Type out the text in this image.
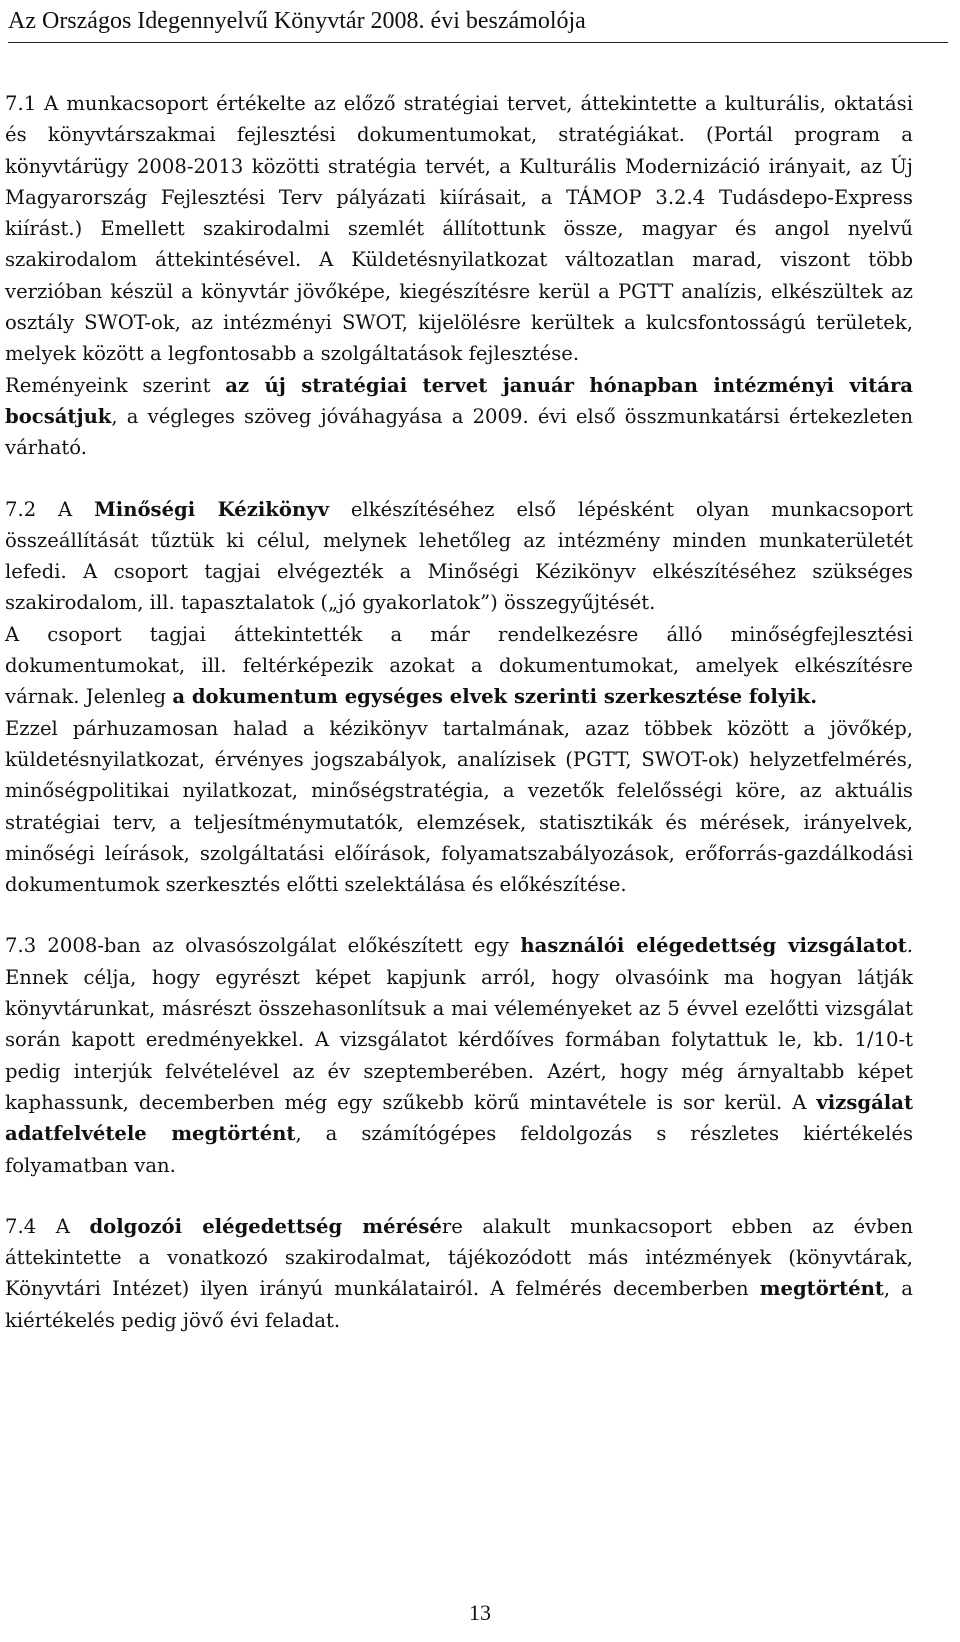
Az Országos Idegennyelvű Könyvtár 2008. évi beszámolója

7.1 A munkacsoport értékelte az előző stratégiai tervet, áttekintette a kulturális, oktatási és könyvtárszakmai fejlesztési dokumentumokat, stratégiákat. (Portál program a könyvtárügy 2008-2013 közötti stratégia tervét, a Kulturális Modernizáció irányait, az Új Magyarország Fejlesztési Terv pályázati kiírásait, a TÁMOP 3.2.4 Tudásdepo-Express kiírást.) Emellett szakirodalmi szemlét állítottunk össze, magyar és angol nyelvű szakirodalom áttekintésével. A Küldetésnyilatkozat változatlan marad, viszont több verzióban készül a könyvtár jövőképe, kiegészítésre kerül a PGTT analízis, elkészültek az osztály SWOT-ok, az intézményi SWOT, kijelölésre kerültek a kulcsfontosságú területek, melyek között a legfontosabb a szolgáltatások fejlesztése.

Reményeink szerint az új stratégiai tervet január hónapban intézményi vitára bocsátjuk, a végleges szöveg jóváhagyása a 2009. évi első összmunkatársi értekezleten várható.

7.2 A Minőségi Kézikönyv elkészítéséhez első lépésként olyan munkacsoport összeállítását tűztük ki célul, melynek lehetőleg az intézmény minden munkaterületét lefedi. A csoport tagjai elvégezték a Minőségi Kézikönyv elkészítéséhez szükséges szakirodalom, ill. tapasztalatok („jó gyakorlatok”) összegyűjtését.

A csoport tagjai áttekintették a már rendelkezésre álló minőségfejlesztési dokumentumokat, ill. feltérképezik azokat a dokumentumokat, amelyek elkészítésre várnak. Jelenleg a dokumentum egységes elvek szerinti szerkesztése folyik.

Ezzel párhuzamosan halad a kézikönyv tartalmának, azaz többek között a jövőkép, küldetésnyilatkozat, érvényes jogszabályok, analízisek (PGTT, SWOT-ok) helyzetfelmérés, minőségpolitikai nyilatkozat, minőségstratégia, a vezetők felelősségi köre, az aktuális stratégiai terv, a teljesítménymutatók, elemzések, statisztikák és mérések, irányelvek, minőségi leírások, szolgáltatási előírások, folyamatszabályozások, erőforrás-gazdálkodási dokumentumok szerkesztés előtti szelektálása és előkészítése.

7.3 2008-ban az olvasószolgálat előkészített egy használói elégedettség vizsgálatot. Ennek célja, hogy egyrészt képet kapjunk arról, hogy olvasóink ma hogyan látják könyvtárunkat, másrészt összehasonlítsuk a mai véleményeket az 5 évvel ezelőtti vizsgálat során kapott eredményekkel. A vizsgálatot kérdőíves formában folytattuk le, kb. 1/10-t pedig interjúk felvételével az év szeptemberében. Azért, hogy még árnyaltabb képet kaphassunk, decemberben még egy szűkebb körű mintavétele is sor kerül. A vizsgálat adatfelvétele megtörtént, a számítógépes feldolgozás s részletes kiértékelés folyamatban van.

7.4 A dolgozói elégedettség mérésére alakult munkacsoport ebben az évben áttekintette a vonatkozó szakirodalmat, tájékozódott más intézmények (könyvtárak, Könyvtári Intézet) ilyen irányú munkálatairól. A felmérés decemberben megtörtént, a kiértékelés pedig jövő évi feladat.

13
